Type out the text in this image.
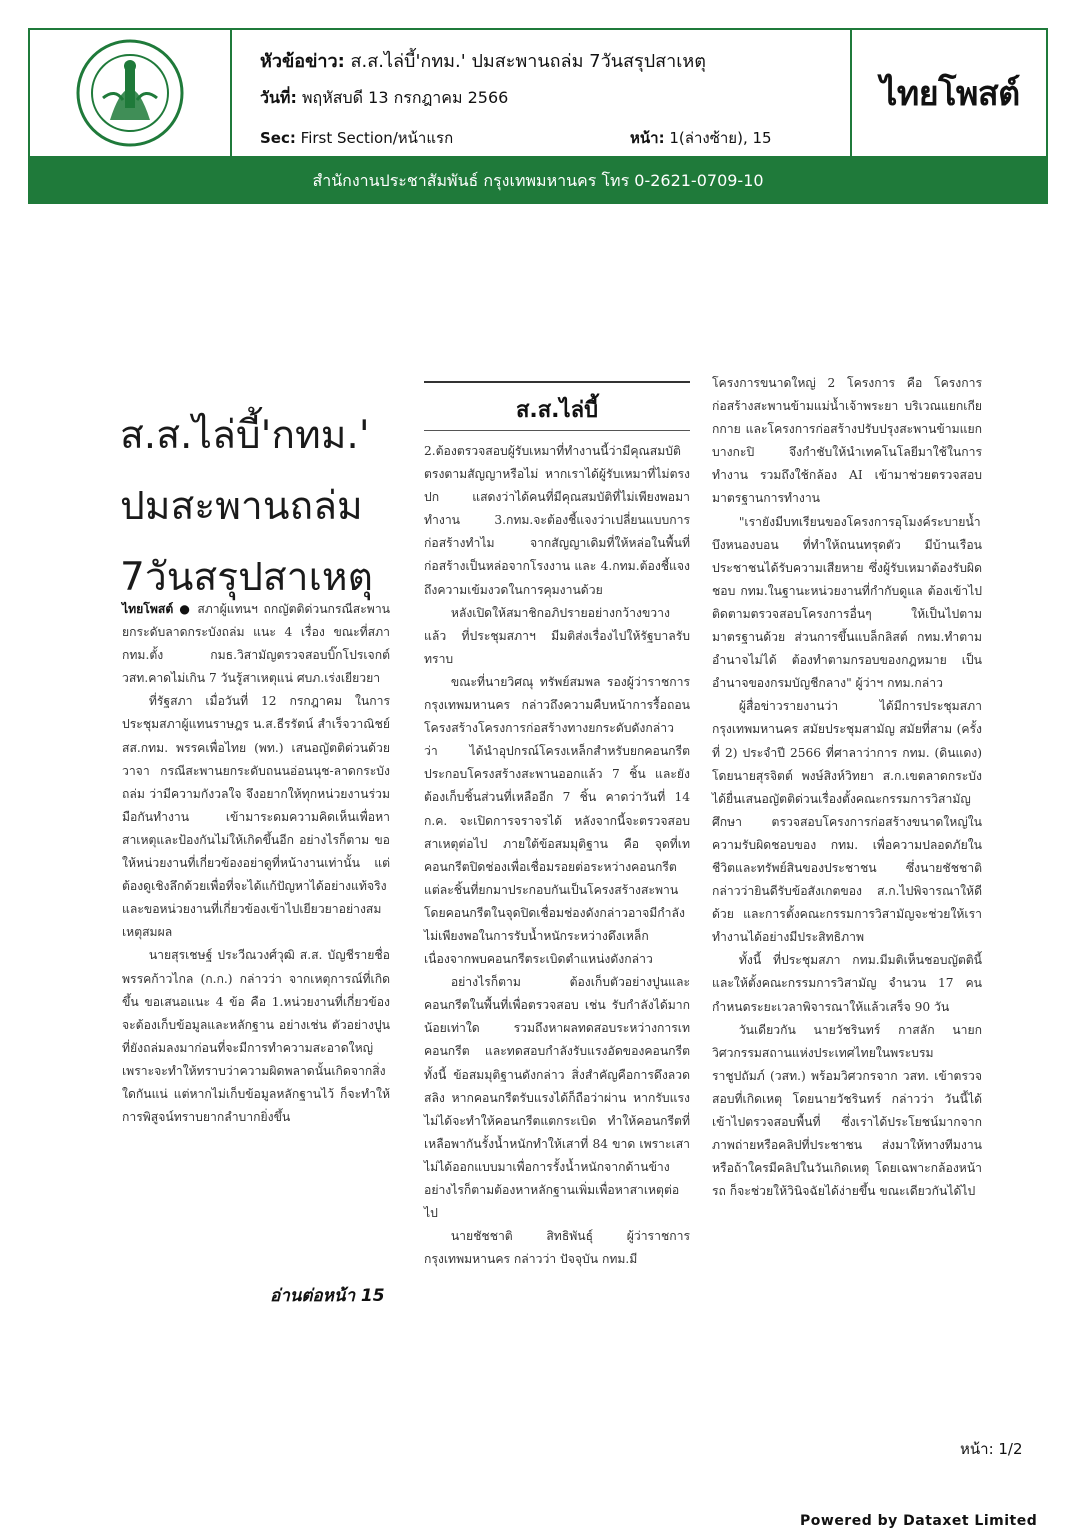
หัวข้อข่าว: ส.ส.ไล่บี้'กทม.' ปมสะพานถล่ม 7วันสรุปสาเหตุ
วันที่: พฤหัสบดี 13 กรกฎาคม 2566
Sec: First Section/หน้าแรก	หน้า: 1(ล่างซ้าย), 15
ไทยโพสต์
สำนักงานประชาสัมพันธ์ กรุงเทพมหานคร โทร 0-2621-0709-10
ส.ส.ไล่บี้'กทม.'
ปมสะพานถล่ม
7วันสรุปสาเหตุ

ไทยโพสต์ ● สภาผู้แทนฯ ถกญัตติด่วนกรณีสะพานยกระดับลาดกระบังถล่ม แนะ 4 เรื่อง ขณะที่สภา กทม.ตั้ง กมธ.วิสามัญตรวจสอบบิ๊กโปรเจกต์ วสท.คาดไม่เกิน 7 วันรู้สาเหตุแน่ ศบภ.เร่งเยียวยา

ที่รัฐสภา เมื่อวันที่ 12 กรกฎาคม ในการประชุมสภาผู้แทนราษฎร น.ส.ธีรรัตน์ สำเร็จวาณิชย์ สส.กทม. พรรคเพื่อไทย (พท.) เสนอญัตติด่วนด้วยวาจา กรณีสะพานยกระดับถนนอ่อนนุช-ลาดกระบังถล่ม ว่ามีความกังวลใจ จึงอยากให้ทุกหน่วยงานร่วมมือกันทำงาน เข้ามาระดมความคิดเห็นเพื่อหาสาเหตุและป้องกันไม่ให้เกิดขึ้นอีก อย่างไรก็ตาม ขอให้หน่วยงานที่เกี่ยวข้องอย่าดูที่หน้างานเท่านั้น แต่ต้องดูเชิงลึกด้วยเพื่อที่จะได้แก้ปัญหาได้อย่างแท้จริง และขอหน่วยงานที่เกี่ยวข้องเข้าไปเยียวยาอย่างสมเหตุสมผล

นายสุรเชษฐ์ ประวีณวงศ์วุฒิ ส.ส. บัญชีรายชื่อ พรรคก้าวไกล (ก.ก.) กล่าวว่า จากเหตุการณ์ที่เกิดขึ้น ขอเสนอแนะ 4 ข้อ คือ 1.หน่วยงานที่เกี่ยวข้องจะต้องเก็บข้อมูลและหลักฐาน อย่างเช่น ตัวอย่างปูนที่ยังถล่มลงมาก่อนที่จะมีการทำความสะอาดใหญ่ เพราะจะทำให้ทราบว่าความผิดพลาดนั้นเกิดจากสิ่งใดกันแน่ แต่หากไม่เก็บข้อมูลหลักฐานไว้ ก็จะทำให้การพิสูจน์ทราบยากลำบากยิ่งขึ้น

อ่านต่อหน้า 15
ส.ส.ไล่บี้

2.ต้องตรวจสอบผู้รับเหมาที่ทำงานนี้ว่ามีคุณสมบัติตรงตามสัญญาหรือไม่ หากเราได้ผู้รับเหมาที่ไม่ตรงปก แสดงว่าได้คนที่มีคุณสมบัติที่ไม่เพียงพอมาทำงาน 3.กทม.จะต้องชี้แจงว่าเปลี่ยนแบบการก่อสร้างทำไม จากสัญญาเดิมที่ให้หล่อในพื้นที่ก่อสร้างเป็นหล่อจากโรงงาน และ 4.กทม.ต้องชี้แจงถึงความเข้มงวดในการคุมงานด้วย

หลังเปิดให้สมาชิกอภิปรายอย่างกว้างขวางแล้ว ที่ประชุมสภาฯ มีมติส่งเรื่องไปให้รัฐบาลรับทราบ

ขณะที่นายวิศณุ ทรัพย์สมพล รองผู้ว่าราชการกรุงเทพมหานคร กล่าวถึงความคืบหน้าการรื้อถอนโครงสร้างโครงการก่อสร้างทางยกระดับดังกล่าว ว่า ได้นำอุปกรณ์โครงเหล็กสำหรับยกคอนกรีตประกอบโครงสร้างสะพานออกแล้ว 7 ชิ้น และยังต้องเก็บชิ้นส่วนที่เหลืออีก 7 ชิ้น คาดว่าวันที่ 14 ก.ค. จะเปิดการจราจรได้ หลังจากนี้จะตรวจสอบสาเหตุต่อไป ภายใต้ข้อสมมุติฐาน คือ จุดที่เทคอนกรีตปิดช่องเพื่อเชื่อมรอยต่อระหว่างคอนกรีตแต่ละชิ้นที่ยกมาประกอบกันเป็นโครงสร้างสะพาน โดยคอนกรีตในจุดปิดเชื่อมช่องดังกล่าวอาจมีกำลังไม่เพียงพอในการรับน้ำหนักระหว่างดึงเหล็ก เนื่องจากพบคอนกรีตระเบิดตำแหน่งดังกล่าว

อย่างไรก็ตาม ต้องเก็บตัวอย่างปูนและคอนกรีตในพื้นที่เพื่อตรวจสอบ เช่น รับกำลังได้มากน้อยเท่าใด รวมถึงหาผลทดสอบระหว่างการเทคอนกรีต และทดสอบกำลังรับแรงอัดของคอนกรีต ทั้งนี้ ข้อสมมุติฐานดังกล่าว สิ่งสำคัญคือการดึงลวดสลิง หากคอนกรีตรับแรงได้ก็ถือว่าผ่าน หากรับแรงไม่ได้จะทำให้คอนกรีตแตกระเบิด ทำให้คอนกรีตที่เหลือพากันรั้งน้ำหนักทำให้เสาที่ 84 ขาด เพราะเสาไม่ได้ออกแบบมาเพื่อการรั้งน้ำหนักจากด้านข้าง อย่างไรก็ตามต้องหาหลักฐานเพิ่มเพื่อหาสาเหตุต่อไป

นายชัชชาติ สิทธิพันธุ์ ผู้ว่าราชการกรุงเทพมหานคร กล่าวว่า ปัจจุบัน กทม.มี

โครงการขนาดใหญ่ 2 โครงการ คือ โครงการก่อสร้างสะพานข้ามแม่น้ำเจ้าพระยา บริเวณแยกเกียกกาย และโครงการก่อสร้างปรับปรุงสะพานข้ามแยกบางกะปิ จึงกำชับให้นำเทคโนโลยีมาใช้ในการทำงาน รวมถึงใช้กล้อง AI เข้ามาช่วยตรวจสอบมาตรฐานการทำงาน

"เรายังมีบทเรียนของโครงการอุโมงค์ระบายน้ำบึงหนองบอน ที่ทำให้ถนนทรุดตัว มีบ้านเรือนประชาชนได้รับความเสียหาย ซึ่งผู้รับเหมาต้องรับผิดชอบ กทม.ในฐานะหน่วยงานที่กำกับดูแล ต้องเข้าไปติดตามตรวจสอบโครงการอื่นๆ ให้เป็นไปตามมาตรฐานด้วย ส่วนการขึ้นแบล็กลิสต์ กทม.ทำตามอำนาจไม่ได้ ต้องทำตามกรอบของกฎหมาย เป็นอำนาจของกรมบัญชีกลาง" ผู้ว่าฯ กทม.กล่าว

ผู้สื่อข่าวรายงานว่า ได้มีการประชุมสภากรุงเทพมหานคร สมัยประชุมสามัญ สมัยที่สาม (ครั้งที่ 2) ประจำปี 2566 ที่ศาลาว่าการ กทม. (ดินแดง) โดยนายสุรจิตต์ พงษ์สิงห์วิทยา ส.ก.เขตลาดกระบัง ได้ยื่นเสนอญัตติด่วนเรื่องตั้งคณะกรรมการวิสามัญศึกษา ตรวจสอบโครงการก่อสร้างขนาดใหญ่ในความรับผิดชอบของ กทม. เพื่อความปลอดภัยในชีวิตและทรัพย์สินของประชาชน ซึ่งนายชัชชาติ กล่าวว่ายินดีรับข้อสังเกตของ ส.ก.ไปพิจารณาให้ดีด้วย และการตั้งคณะกรรมการวิสามัญจะช่วยให้เราทำงานได้อย่างมีประสิทธิภาพ

ทั้งนี้ ที่ประชุมสภา กทม.มีมติเห็นชอบญัตตินี้ และให้ตั้งคณะกรรมการวิสามัญ จำนวน 17 คน กำหนดระยะเวลาพิจารณาให้แล้วเสร็จ 90 วัน

วันเดียวกัน นายวัชรินทร์ กาสลัก นายกวิศวกรรมสถานแห่งประเทศไทยในพระบรมราชูปถัมภ์ (วสท.) พร้อมวิศวกรจาก วสท. เข้าตรวจสอบที่เกิดเหตุ โดยนายวัชรินทร์ กล่าวว่า วันนี้ได้เข้าไปตรวจสอบพื้นที่ ซึ่งเราได้ประโยชน์มากจากภาพถ่ายหรือคลิปที่ประชาชน ส่งมาให้ทางทีมงาน หรือถ้าใครมีคลิปในวันเกิดเหตุ โดยเฉพาะกล้องหน้ารถ ก็จะช่วยให้วินิจฉัยได้ง่ายขึ้น ขณะเดียวกันได้ไป

หน้า: 1/2
Powered by Dataxet Limited
